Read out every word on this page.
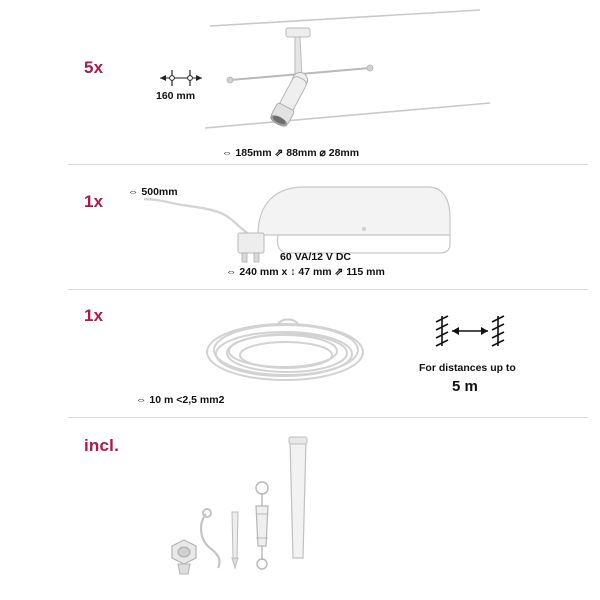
5x
160 mm
⇔ 185mm ⇗ 88mm ⌀ 28mm
1x ⇔ 500mm
60 VA/12 V DC
⇔ 240 mm x ↕ 47 mm ⇗ 115 mm
1x
⇔ 10 m <2,5 mm2
For distances up to
5 m
incl.
